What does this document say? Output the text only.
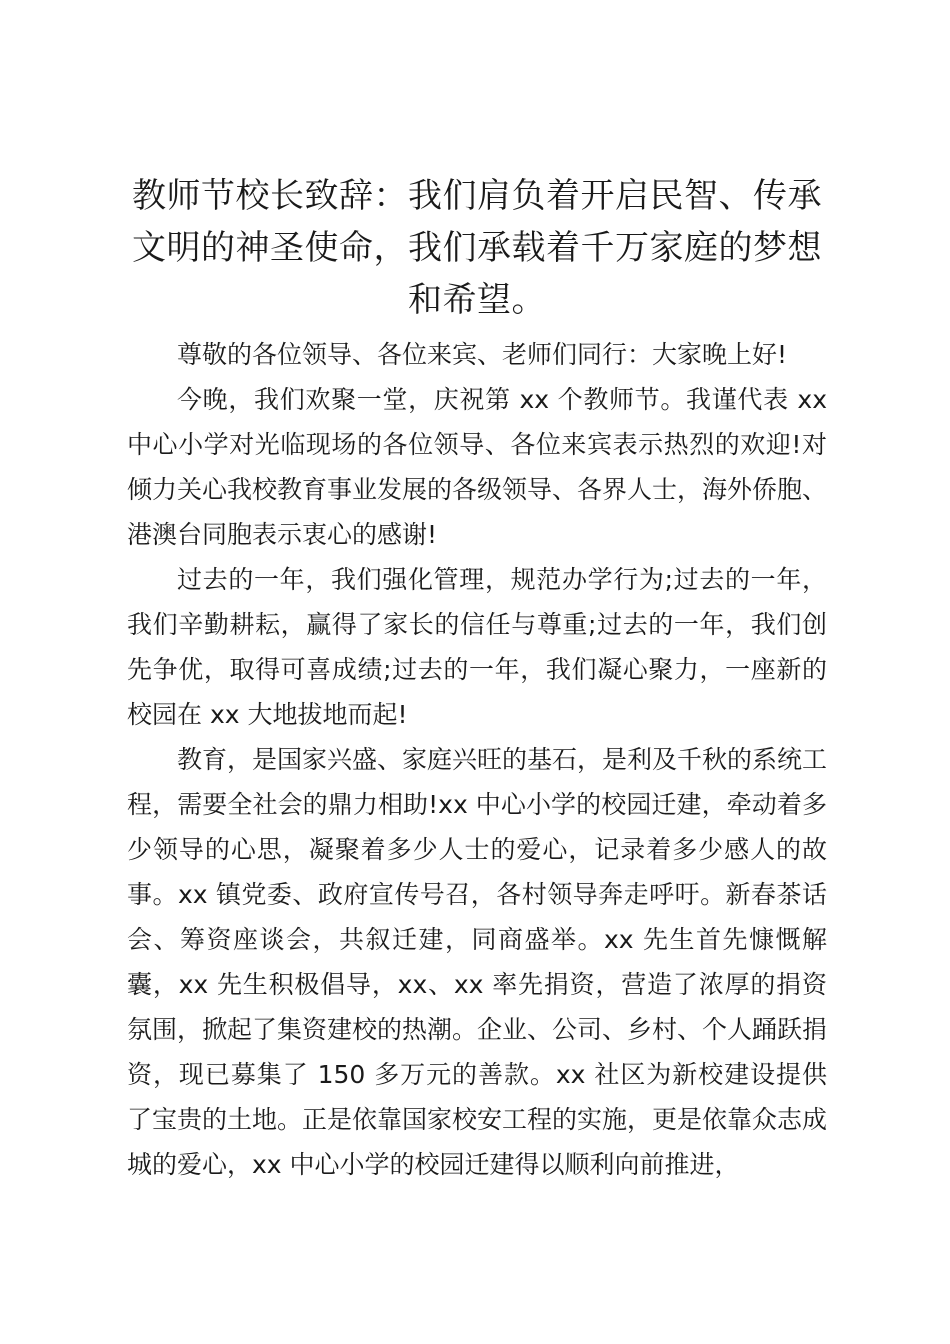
教师节校长致辞：我们肩负着开启民智、传承文明的神圣使命，我们承载着千万家庭的梦想和希望。

尊敬的各位领导、各位来宾、老师们同行：大家晚上好!

今晚，我们欢聚一堂，庆祝第 xx 个教师节。我谨代表 xx 中心小学对光临现场的各位领导、各位来宾表示热烈的欢迎!对倾力关心我校教育事业发展的各级领导、各界人士，海外侨胞、港澳台同胞表示衷心的感谢!

过去的一年，我们强化管理，规范办学行为;过去的一年，我们辛勤耕耘，赢得了家长的信任与尊重;过去的一年，我们创先争优，取得可喜成绩;过去的一年，我们凝心聚力，一座新的校园在 xx 大地拔地而起!

教育，是国家兴盛、家庭兴旺的基石，是利及千秋的系统工程，需要全社会的鼎力相助!xx 中心小学的校园迁建，牵动着多少领导的心思，凝聚着多少人士的爱心，记录着多少感人的故事。xx 镇党委、政府宣传号召，各村领导奔走呼吁。新春茶话会、筹资座谈会，共叙迁建，同商盛举。xx 先生首先慷慨解囊，xx 先生积极倡导，xx、xx 率先捐资，营造了浓厚的捐资氛围，掀起了集资建校的热潮。企业、公司、乡村、个人踊跃捐资，现已募集了 150 多万元的善款。xx 社区为新校建设提供了宝贵的土地。正是依靠国家校安工程的实施，更是依靠众志成城的爱心，xx 中心小学的校园迁建得以顺利向前推进，
